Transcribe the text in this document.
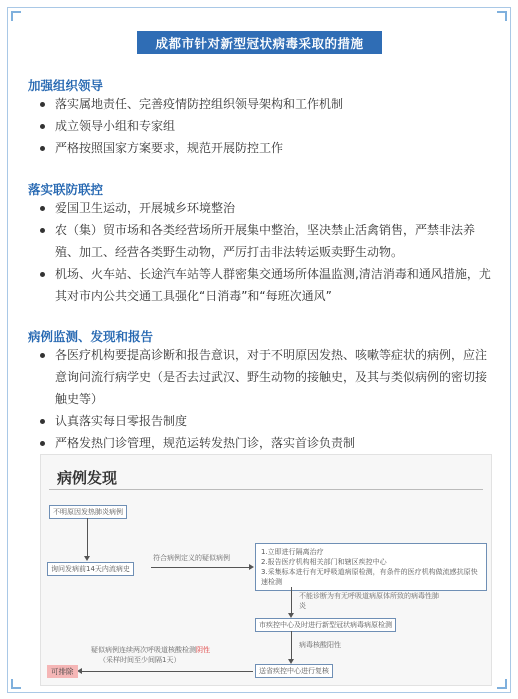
成都市针对新型冠状病毒采取的措施
加强组织领导
落实属地责任、完善疫情防控组织领导架构和工作机制
成立领导小组和专家组
严格按照国家方案要求，规范开展防控工作
落实联防联控
爱国卫生运动，开展城乡环境整治
农（集）贸市场和各类经营场所开展集中整治，坚决禁止活禽销售，严禁非法养殖、加工、经营各类野生动物，严厉打击非法转运贩卖野生动物。
机场、火车站、长途汽车站等人群密集交通场所体温监测,清洁消毒和通风措施，尤其对市内公共交通工具强化“日消毒”和“每班次通风”
病例监测、发现和报告
各医疗机构要提高诊断和报告意识，对于不明原因发热、咳嗽等症状的病例，应注意询问流行病学史（是否去过武汉、野生动物的接触史，及其与类似病例的密切接触史等）
认真落实每日零报告制度
严格发热门诊管理，规范运转发热门诊，落实首诊负责制
病例发现
不明原因发热肺炎病例
询问发病前14天内流病史
符合病例定义的疑似病例
1.立即进行隔离治疗
2.报告医疗机构相关部门和辖区疾控中心
3.采集标本进行有无呼吸道病原检测，有条件的医疗机构做流感抗原快速检测
不能诊断为有无呼吸道病原体所致的病毒性肺炎
市疾控中心及时进行新型冠状病毒病原检测
病毒核酸阳性
送省疾控中心进行复核
疑似病例连续两次呼吸道核酸检测阴性
（采样时间至少间隔1天）
可排除
